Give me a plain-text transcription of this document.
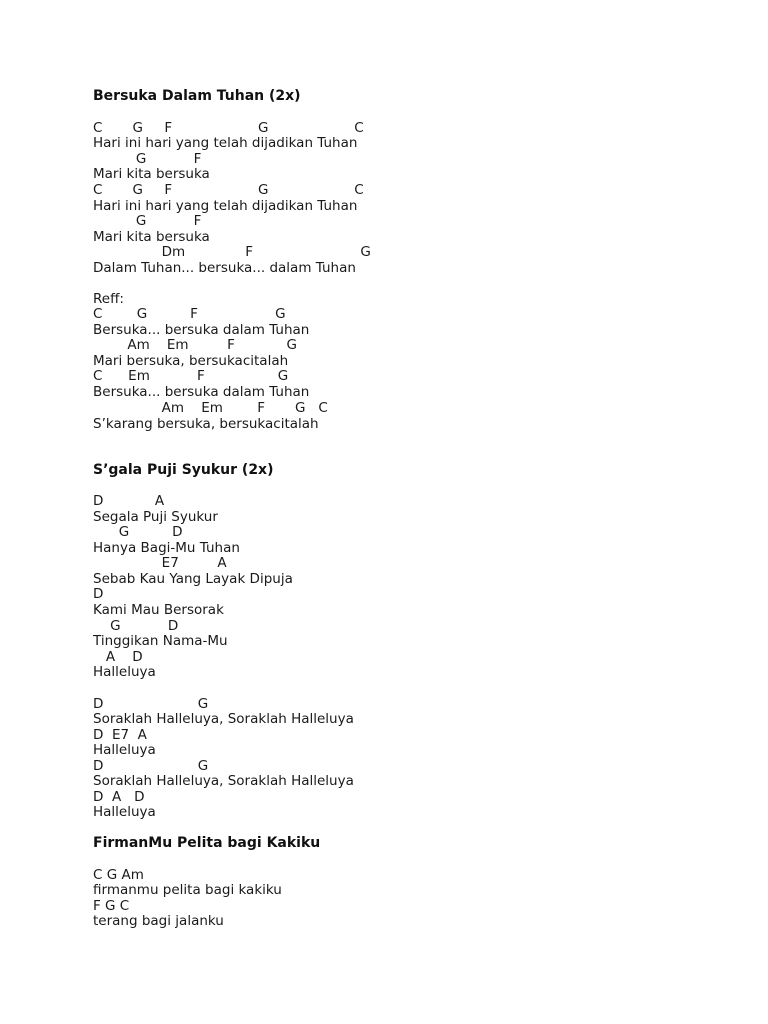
Bersuka Dalam Tuhan (2x)
C       G     F                    G                    C
Hari ini hari yang telah dijadikan Tuhan
G           F
Mari kita bersuka
C       G     F                    G                    C
Hari ini hari yang telah dijadikan Tuhan
G           F
Mari kita bersuka
Dm              F                         G
Dalam Tuhan... bersuka... dalam Tuhan
Reff:
C        G          F                  G
Bersuka... bersuka dalam Tuhan
Am    Em         F            G
Mari bersuka, bersukacitalah
C      Em           F                 G
Bersuka... bersuka dalam Tuhan
Am    Em        F       G   C
S’karang bersuka, bersukacitalah
S’gala Puji Syukur (2x)
D            A
Segala Puji Syukur
G          D
Hanya Bagi-Mu Tuhan
E7         A
Sebab Kau Yang Layak Dipuja
D
Kami Mau Bersorak
G           D
Tinggikan Nama-Mu
A    D
Halleluya
D                      G
Soraklah Halleluya, Soraklah Halleluya
D  E7  A
Halleluya
D                      G
Soraklah Halleluya, Soraklah Halleluya
D  A   D
Halleluya
FirmanMu Pelita bagi Kakiku
C G Am
firmanmu pelita bagi kakiku
F G C
terang bagi jalanku
